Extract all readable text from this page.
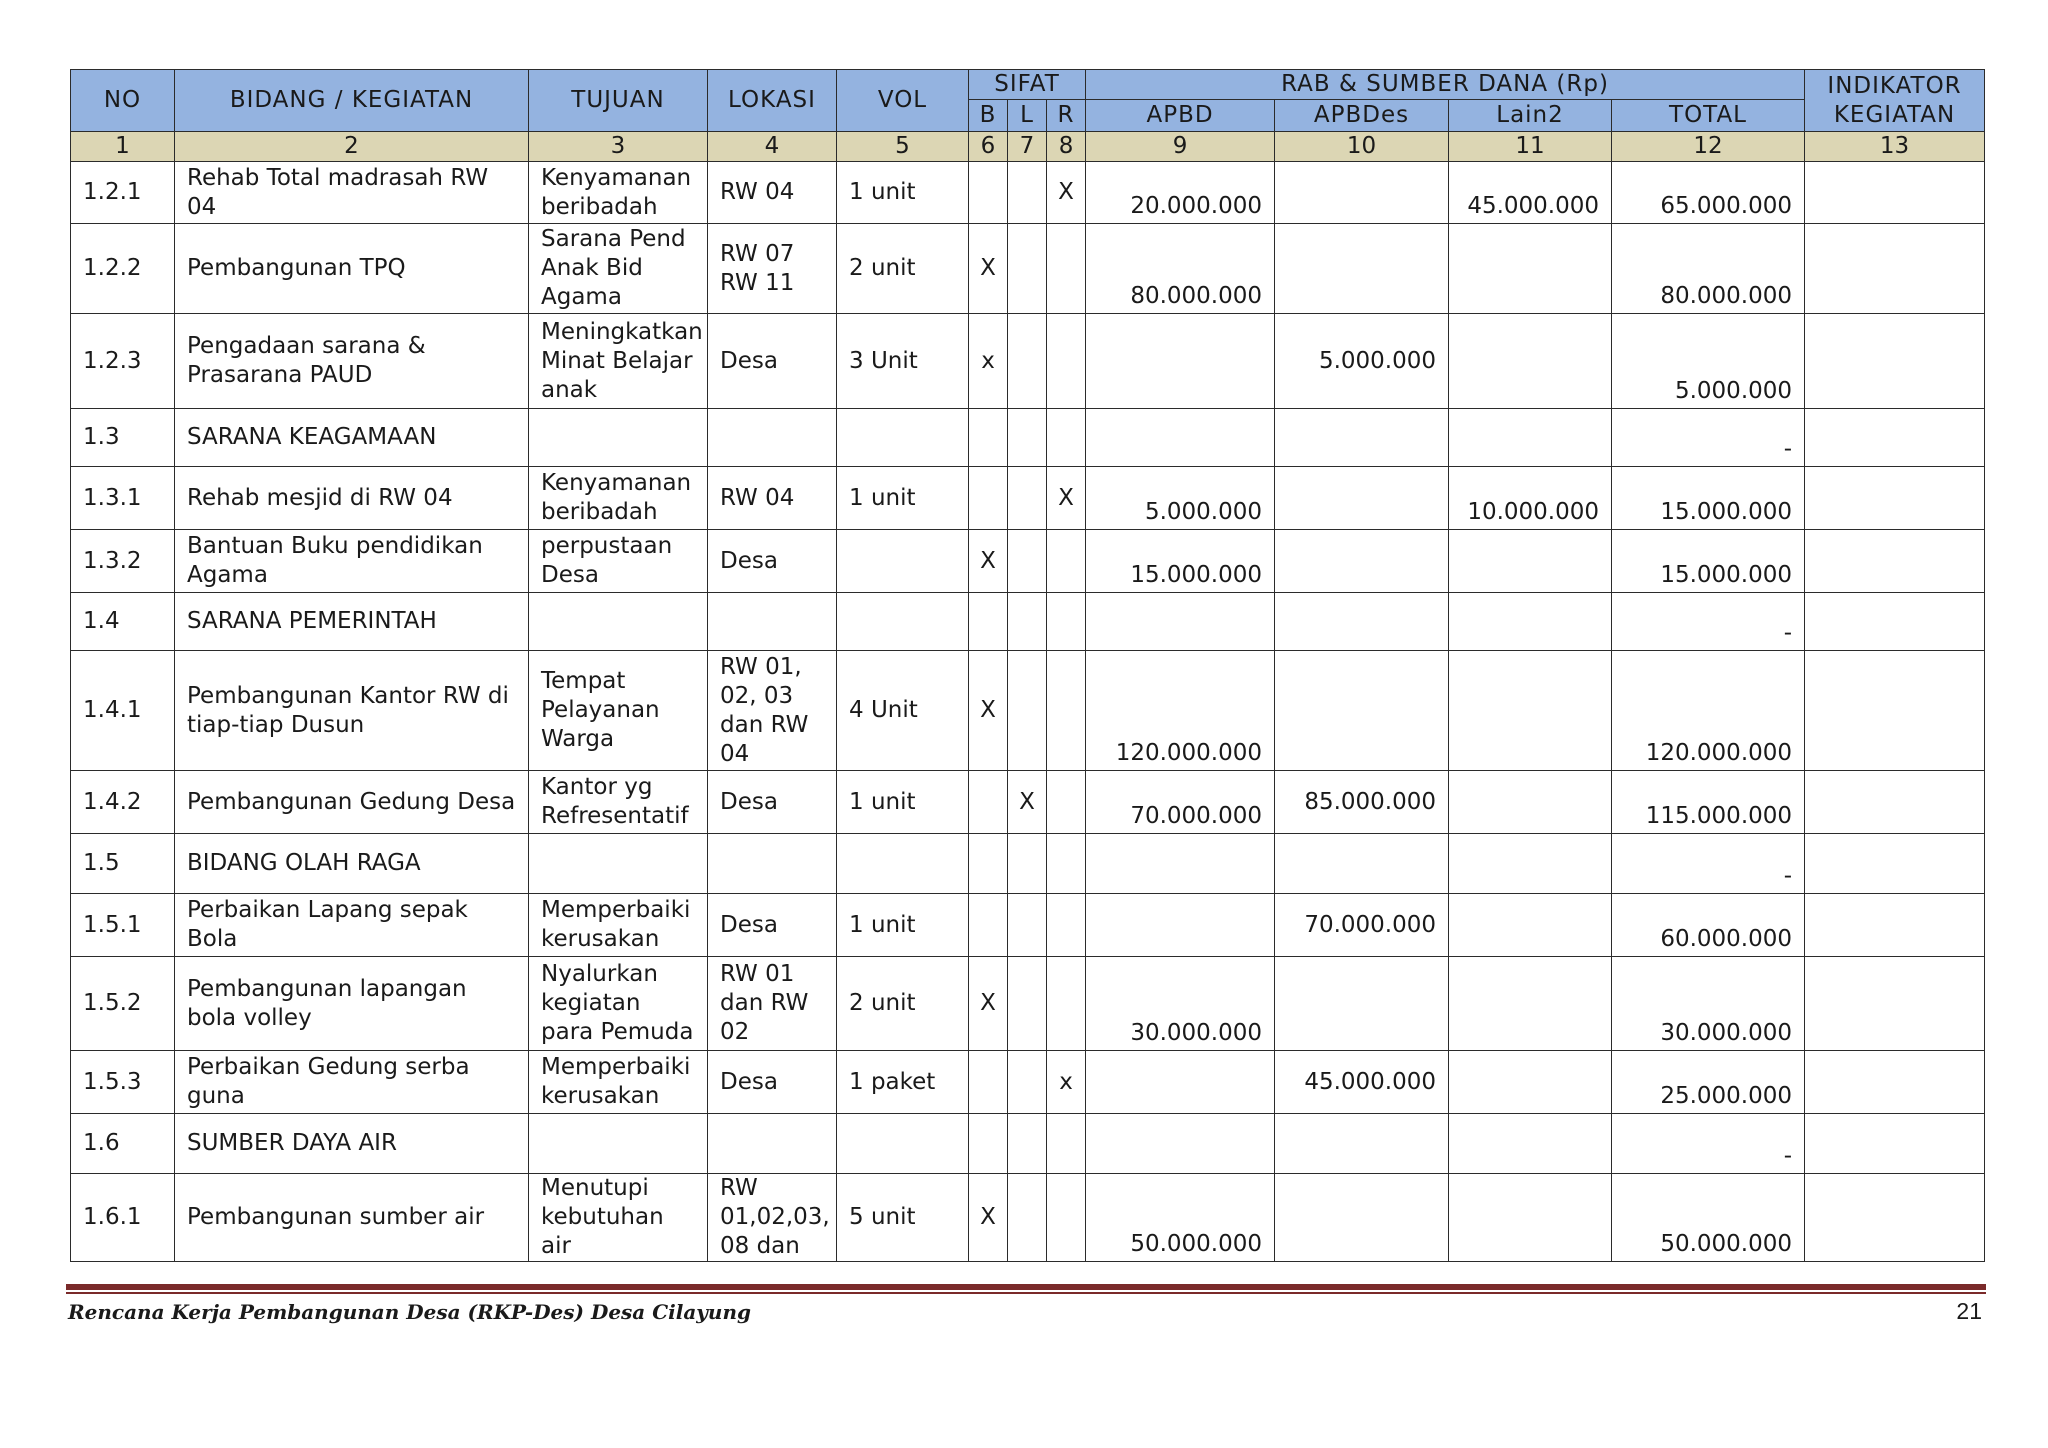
NO	BIDANG / KEGIATAN	TUJUAN	LOKASI	VOL	SIFAT			RAB & SUMBER DANA (Rp)				INDIKATOR KEGIATAN
					B	L	R	APBD	APBDes	Lain2	TOTAL	
1	2	3	4	5	6	7	8	9	10	11	12	13
1.2.1	Rehab Total madrasah RW 04	Kenyamanan beribadah	RW 04	1 unit			X	20.000.000		45.000.000	65.000.000	
1.2.2	Pembangunan TPQ	Sarana Pend Anak Bid Agama	RW 07 RW 11	2 unit	X			80.000.000			80.000.000	
1.2.3	Pengadaan sarana & Prasarana PAUD	Meningkatkan Minat Belajar anak	Desa	3 Unit	x				5.000.000		5.000.000	
1.3	SARANA KEAGAMAAN										-	
1.3.1	Rehab mesjid di RW 04	Kenyamanan beribadah	RW 04	1 unit			X	5.000.000		10.000.000	15.000.000	
1.3.2	Bantuan Buku pendidikan Agama	perpustaan Desa	Desa		X			15.000.000			15.000.000	
1.4	SARANA PEMERINTAH										-	
1.4.1	Pembangunan Kantor RW di tiap-tiap Dusun	Tempat Pelayanan Warga	RW 01, 02, 03 dan RW 04	4 Unit	X			120.000.000			120.000.000	
1.4.2	Pembangunan Gedung Desa	Kantor yg Refresentatif	Desa	1 unit		X		70.000.000	85.000.000		115.000.000	
1.5	BIDANG OLAH RAGA										-	
1.5.1	Perbaikan Lapang sepak Bola	Memperbaiki kerusakan	Desa	1 unit					70.000.000		60.000.000	
1.5.2	Pembangunan lapangan bola volley	Nyalurkan kegiatan para Pemuda	RW 01 dan RW 02	2 unit	X			30.000.000			30.000.000	
1.5.3	Perbaikan Gedung serba guna	Memperbaiki kerusakan	Desa	1 paket			x		45.000.000		25.000.000	
1.6	SUMBER DAYA AIR										-	
1.6.1	Pembangunan sumber air	Menutupi kebutuhan air	RW 01,02,03, 08 dan	5 unit	X			50.000.000			50.000.000	
Rencana Kerja Pembangunan Desa (RKP-Des) Desa Cilayung	21
